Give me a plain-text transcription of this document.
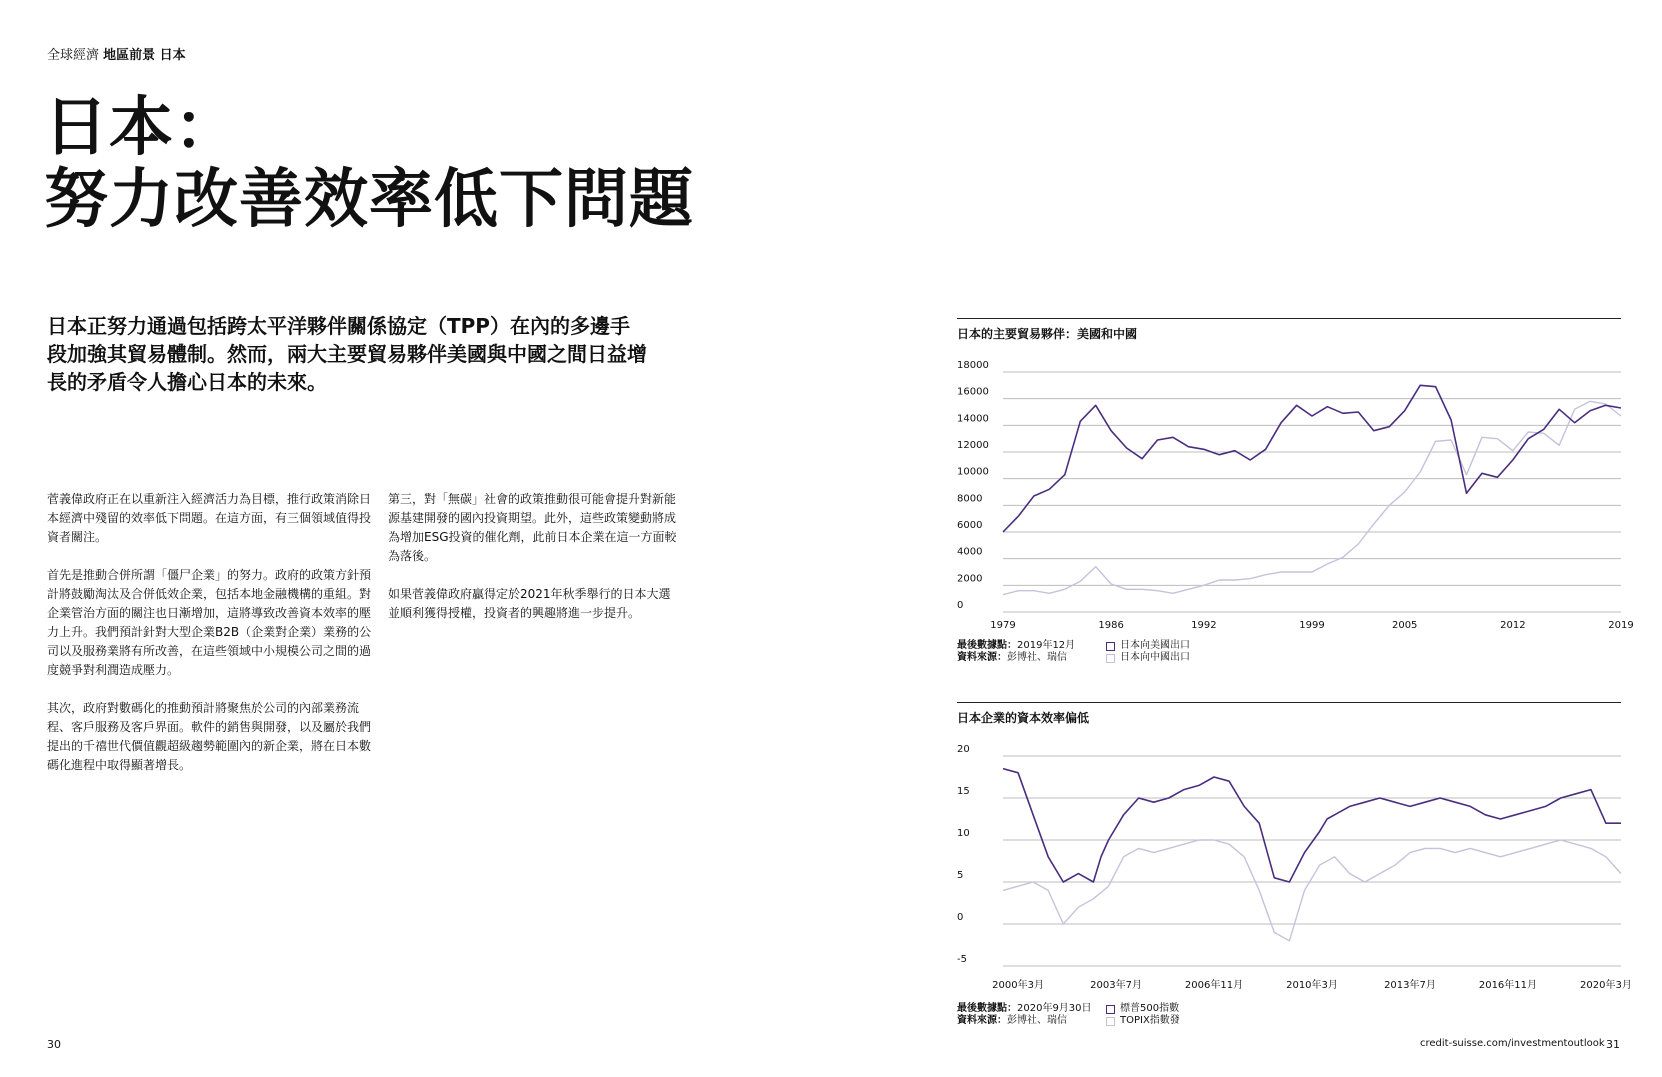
全球經濟 地區前景 日本
日本：
努力改善效率低下問題
日本正努力通過包括跨太平洋夥伴關係協定（TPP）在內的多邊手段加強其貿易體制。然而，兩大主要貿易夥伴美國與中國之間日益增長的矛盾令人擔心日本的未來。

菅義偉政府正在以重新注入經濟活力為目標，推行政策消除日本經濟中殘留的效率低下問題。在這方面，有三個領域值得投資者關注。

首先是推動合併所謂「僵尸企業」的努力。政府的政策方針預計將鼓勵淘汰及合併低效企業，包括本地金融機構的重組。對企業管治方面的關注也日漸增加，這將導致改善資本效率的壓力上升。我們預計針對大型企業B2B（企業對企業）業務的公司以及服務業將有所改善，在這些領域中小規模公司之間的過度競爭對利潤造成壓力。

其次，政府對數碼化的推動預計將聚焦於公司的內部業務流程、客戶服務及客戶界面。軟件的銷售與開發，以及屬於我們提出的千禧世代價值觀超級趨勢範圍內的新企業，將在日本數碼化進程中取得顯著增長。

第三，對「無碳」社會的政策推動很可能會提升對新能源基建開發的國內投資期望。此外，這些政策變動將成為增加ESG投資的催化劑，此前日本企業在這一方面較為落後。

如果菅義偉政府贏得定於2021年秋季舉行的日本大選並順利獲得授權，投資者的興趣將進一步提升。

日本的主要貿易夥伴：美國和中國
0
2000
4000
6000
8000
10000
12000
14000
16000
18000
1979	1986	1992	1999	2005	2012	2019
最後數據點：2019年12月
資料來源：彭博社、瑞信
日本向美國出口
日本向中國出口
日本企業的資本效率偏低
-5
0
5
10
15
20
2000年3月	2003年7月	2006年11月	2010年3月	2013年7月	2016年11月	2020年3月
最後數據點：2020年9月30日
資料來源：彭博社、瑞信
標普500指數
TOPIX指數發
30	credit-suisse.com/investmentoutlook 31
